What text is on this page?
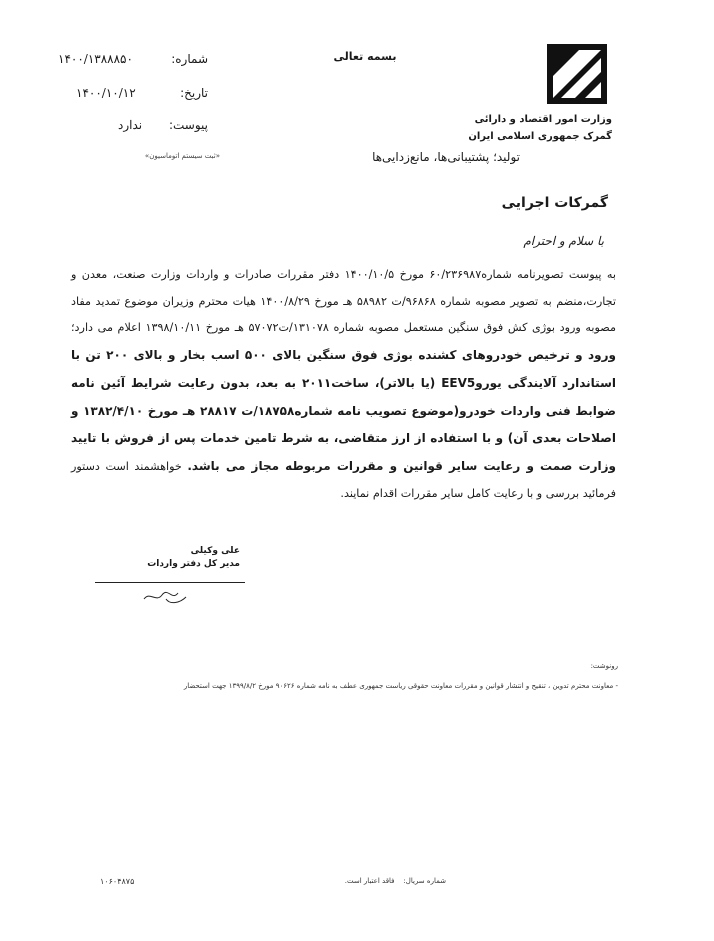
وزارت امور اقتصاد و دارائی
گمرک جمهوری اسلامی ایران
بسمه تعالی
شماره:
۱۴۰۰/۱۳۸۸۸۵۰
تاریخ:
۱۴۰۰/۱۰/۱۲
پیوست:
ندارد
«ثبت سیستم اتوماسیون»	تولید؛ پشتیبانی‌ها، مانع‌زدایی‌ها
گمرکات اجرایی
با سلام و احترام
به پیوست تصویرنامه شماره۶۰/۲۳۶۹۸۷ مورخ ۱۴۰۰/۱۰/۵ دفتر مقررات صادرات و واردات وزارت صنعت، معدن و تجارت،منضم به تصویر مصوبه شماره ۹۶۸۶۸/ت ۵۸۹۸۲ هـ مورخ ۱۴۰۰/۸/۲۹ هیات محترم وزیران موضوع تمدید مفاد مصوبه ورود بوژی کش فوق سنگین مستعمل مصوبه شماره ۱۳۱۰۷۸/ت۵۷۰۷۲ هـ مورخ ۱۳۹۸/۱۰/۱۱ اعلام می دارد؛ ورود و ترخیص خودروهای کشنده بوژی فوق سنگین بالای ۵۰۰ اسب بخار و بالای ۲۰۰ تن با استاندارد آلایندگی یوروEEV5 (یا بالاتر)، ساخت۲۰۱۱ به بعد، بدون رعایت شرایط آئین نامه ضوابط فنی واردات خودرو(موضوع تصویب نامه شماره۱۸۷۵۸/ت ۲۸۸۱۷ هـ مورخ ۱۳۸۲/۴/۱۰ و اصلاحات بعدی آن) و با استفاده از ارز متقاضی، به شرط تامین خدمات پس از فروش با تایید وزارت صمت و رعایت سایر قوانین و مقررات مربوطه مجاز می باشد. خواهشمند است دستور فرمائید بررسی و با رعایت کامل سایر مقررات اقدام نمایند.
علی وکیلی
مدیر کل دفتر واردات
رونوشت:
- معاونت محترم تدوین ، تنقیح و انتشار قوانین و مقررات معاونت حقوقی ریاست جمهوری عطف به نامه شماره ۹۰۶۲۶ مورخ ۱۳۹۹/۸/۲ جهت استحضار
شماره سریال:    فاقد اعتبار است.
۱۰۶۰۴۸۷۵
